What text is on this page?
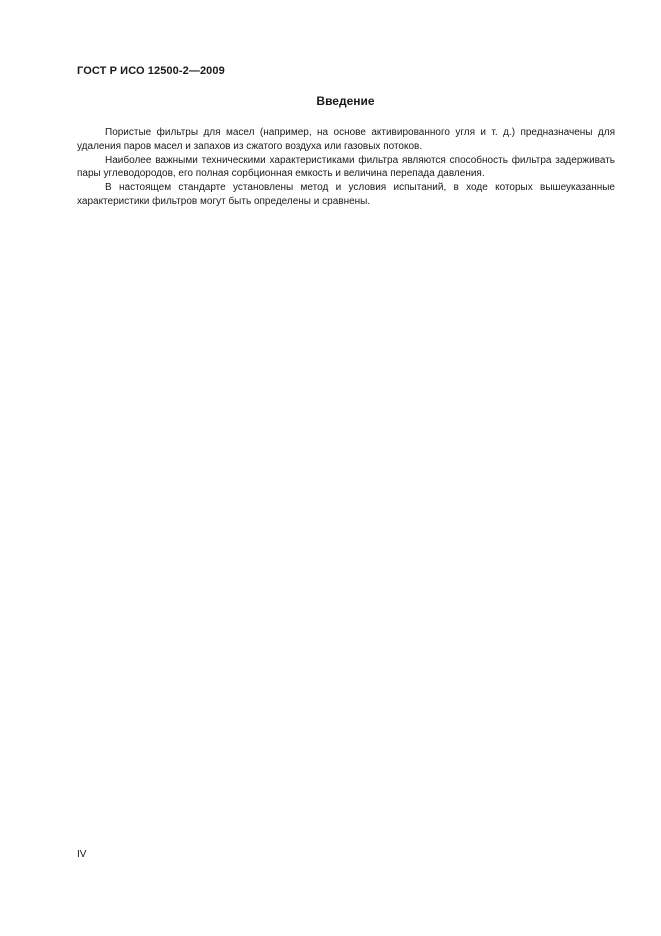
ГОСТ Р ИСО 12500-2—2009
Введение

Пористые фильтры для масел (например, на основе активированного угля и т. д.) предназначены для удаления паров масел и запахов из сжатого воздуха или газовых потоков.

Наиболее важными техническими характеристиками фильтра являются способность фильтра задерживать пары углеводородов, его полная сорбционная емкость и величина перепада давления.

В настоящем стандарте установлены метод и условия испытаний, в ходе которых вышеуказанные характеристики фильтров могут быть определены и сравнены.

IV
